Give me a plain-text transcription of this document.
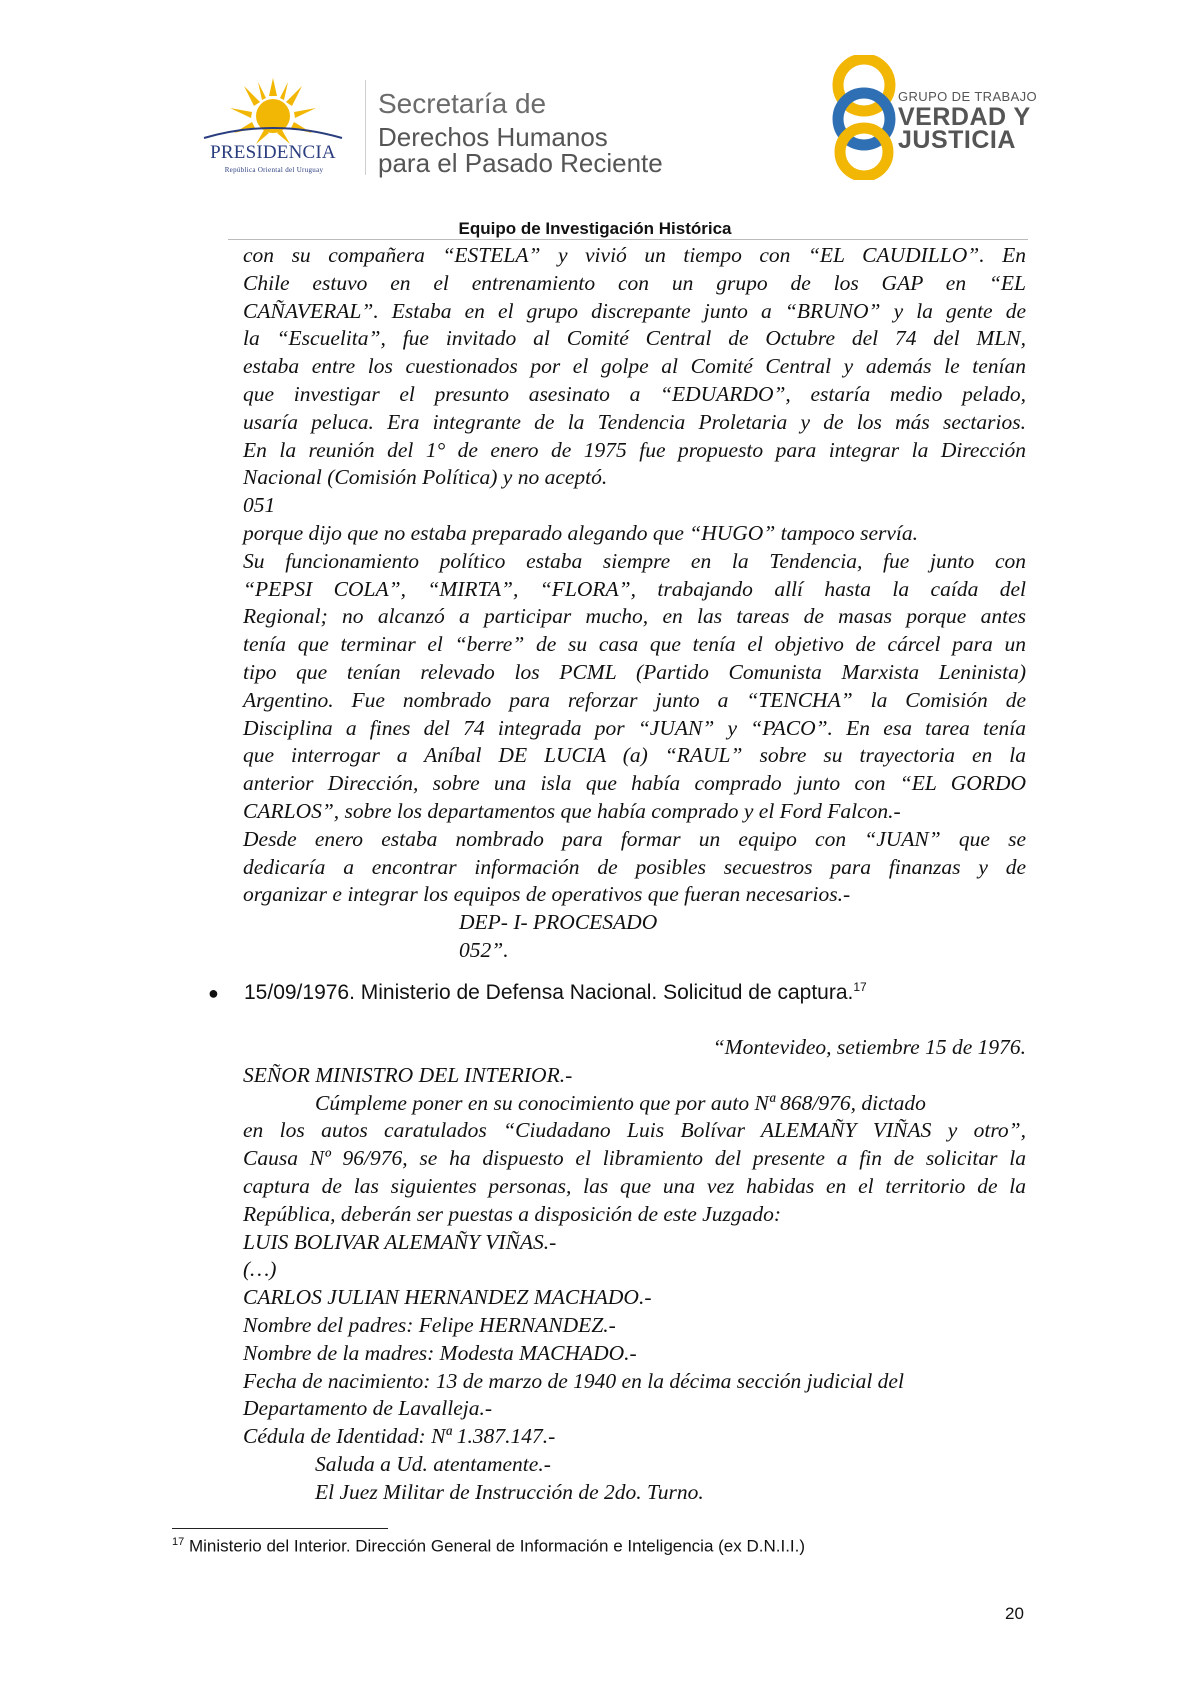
PRESIDENCIA
República Oriental del Uruguay
Secretaría de
Derechos Humanos
para el Pasado Reciente
GRUPO DE TRABAJO
VERDAD Y
JUSTICIA
Equipo de Investigación Histórica

con su compañera “ESTELA” y vivió un tiempo con “EL CAUDILLO”. En

Chile estuvo en el entrenamiento con un grupo de los GAP en “EL

CAÑAVERAL”. Estaba en el grupo discrepante junto a “BRUNO” y la gente de

la “Escuelita”, fue invitado al Comité Central de Octubre del 74 del MLN,

estaba entre los cuestionados por el golpe al Comité Central y además le tenían

que investigar el presunto asesinato a “EDUARDO”, estaría medio pelado,

usaría peluca. Era integrante de la Tendencia Proletaria y de los más sectarios.

En la reunión del 1° de enero de 1975 fue propuesto para integrar la Dirección

Nacional (Comisión Política) y no aceptó.

051

porque dijo que no estaba preparado alegando que “HUGO” tampoco servía.

Su funcionamiento político estaba siempre en la Tendencia, fue junto con

“PEPSI COLA”, “MIRTA”, “FLORA”, trabajando allí hasta la caída del

Regional; no alcanzó a participar mucho, en las tareas de masas porque antes

tenía que terminar el “berre” de su casa que tenía el objetivo de cárcel para un

tipo que tenían relevado los PCML (Partido Comunista Marxista Leninista)

Argentino. Fue nombrado para reforzar junto a “TENCHA” la Comisión de

Disciplina a fines del 74 integrada por “JUAN” y “PACO”. En esa tarea tenía

que interrogar a Aníbal DE LUCIA (a) “RAUL” sobre su trayectoria en la

anterior Dirección, sobre una isla que había comprado junto con “EL GORDO

CARLOS”, sobre los departamentos que había comprado y el Ford Falcon.-

Desde enero estaba nombrado para formar un equipo con “JUAN” que se

dedicaría a encontrar información de posibles secuestros para finanzas y de

organizar e integrar los equipos de operativos que fueran necesarios.-

DEP- I- PROCESADO

052”.

● 15/09/1976. Ministerio de Defensa Nacional. Solicitud de captura.$^{17}$

“Montevideo, setiembre 15 de 1976.

SEÑOR MINISTRO DEL INTERIOR.-

Cúmpleme poner en su conocimiento que por auto Nª 868/976, dictado

en los autos caratulados “Ciudadano Luis Bolívar ALEMAÑY VIÑAS y otro”,

Causa Nº 96/976, se ha dispuesto el libramiento del presente a fin de solicitar la

captura de las siguientes personas, las que una vez habidas en el territorio de la

República, deberán ser puestas a disposición de este Juzgado:

LUIS BOLIVAR ALEMAÑY VIÑAS.-

(…)

CARLOS JULIAN HERNANDEZ MACHADO.-

Nombre del padres: Felipe HERNANDEZ.-

Nombre de la madres: Modesta MACHADO.-

Fecha de nacimiento: 13 de marzo de 1940 en la décima sección judicial del

Departamento de Lavalleja.-

Cédula de Identidad: Nª 1.387.147.-

Saluda a Ud. atentamente.-

El Juez Militar de Instrucción de 2do. Turno.

$^{17}$ Ministerio del Interior. Dirección General de Información e Inteligencia (ex D.N.I.I.)
20
